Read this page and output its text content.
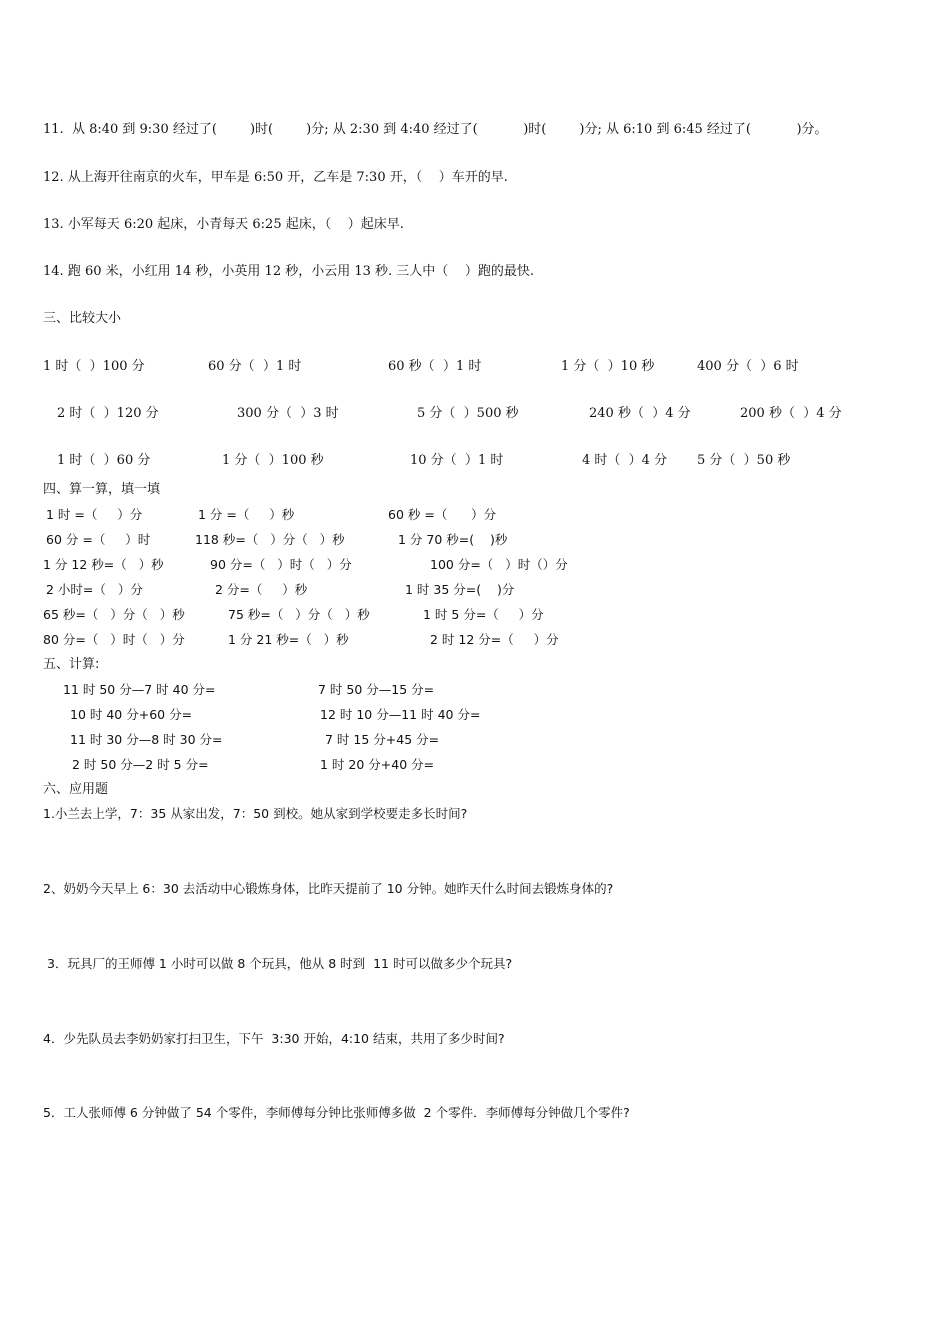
11.  从 8:40 到 9:30 经过了(        )时(        )分; 从 2:30 到 4:40 经过了(           )时(        )分; 从 6:10 到 6:45 经过了(           )分。
12. 从上海开往南京的火车，甲车是 6:50 开，乙车是 7:30 开，（    ）车开的早.
13. 小军每天 6:20 起床，小青每天 6:25 起床，（    ）起床早.
14. 跑 60 米，小红用 14 秒，小英用 12 秒，小云用 13 秒. 三人中（    ）跑的最快.
三、比较大小
1 时（  ）100 分	60 分（  ）1 时	60 秒（  ）1 时	1 分（  ）10 秒	400 分（  ）6 时
2 时（  ）120 分	300 分（  ）3 时	5 分（  ）500 秒	240 秒（  ）4 分	200 秒（  ）4 分
1 时（  ）60 分	1 分（  ）100 秒	10 分（  ）1 时	4 时（  ）4 分 5 分（  ）50 秒
四、算一算，填一填
1 时 =（     ）分	1 分 =（     ）秒	60 秒 =（      ）分
60 分 =（     ）时	118 秒=（   ）分（   ）秒	1 分 70 秒=(    )秒
1 分 12 秒=（   ）秒	90 分=（   ）时（   ）分	100 分=（   ）时（）分
2 小时=（   ）分	2 分=（     ）秒	1 时 35 分=(    )分
65 秒=（   ）分（   ）秒	75 秒=（   ）分（   ）秒	1 时 5 分=（     ）分
80 分=（   ）时（   ）分	1 分 21 秒=（   ）秒	2 时 12 分=（     ）分
五、计算:
11 时 50 分—7 时 40 分=	7 时 50 分—15 分=
10 时 40 分+60 分=	12 时 10 分—11 时 40 分=
11 时 30 分—8 时 30 分=	7 时 15 分+45 分=
2 时 50 分—2 时 5 分=	1 时 20 分+40 分=
六、应用题
1.小兰去上学，7：35 从家出发，7：50 到校。她从家到学校要走多长时间?
2、奶奶今天早上 6：30 去活动中心锻炼身体，比昨天提前了 10 分钟。她昨天什么时间去锻炼身体的?
3．玩具厂的王师傅 1 小时可以做 8 个玩具，他从 8 时到  11 时可以做多少个玩具?
4．少先队员去李奶奶家打扫卫生，下午  3:30 开始，4:10 结束，共用了多少时间?
5．工人张师傅 6 分钟做了 54 个零件，李师傅每分钟比张师傅多做  2 个零件．李师傅每分钟做几个零件?
